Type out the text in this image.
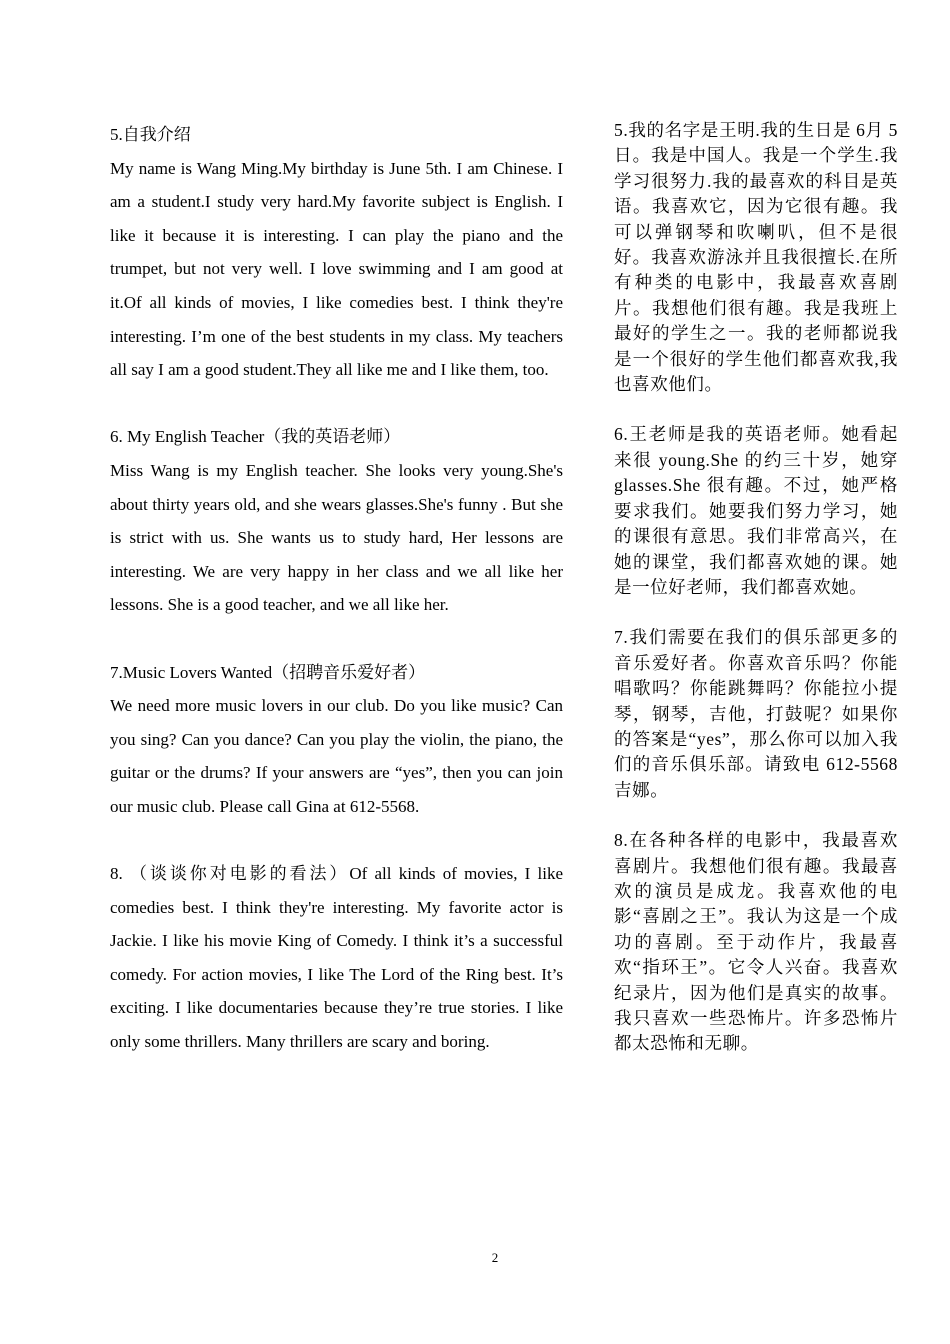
5.自我介绍

My name is Wang Ming.My birthday is June 5th. I am Chinese. I am a student.I study very hard.My favorite subject is English. I like it because it is interesting. I can play the piano and the trumpet, but not very well. I love swimming and I am good at it.Of all kinds of movies, I like comedies best. I think they're interesting. I’m one of the best students in my class. My teachers all say I am a good student.They all like me and I like them, too.

6. My English Teacher（我的英语老师）

Miss Wang is my English teacher. She looks very young.She's about thirty years old, and she wears glasses.She's funny . But she is strict with us. She wants us to study hard, Her lessons are interesting. We are very happy in her class and we all like her lessons. She is a good teacher, and we all like her.

7.Music Lovers Wanted（招聘音乐爱好者）

We need more music lovers in our club. Do you like music? Can you sing? Can you dance? Can you play the violin, the piano, the guitar or the drums? If your answers are “yes”, then you can join our music club. Please call Gina at 612-5568.

8. （谈谈你对电影的看法）Of all kinds of movies, I like comedies best. I think they're interesting. My favorite actor is Jackie. I like his movie King of Comedy. I think it’s a successful comedy. For action movies, I like The Lord of the Ring best. It’s exciting. I like documentaries because they’re true stories. I like only some thrillers. Many thrillers are scary and boring.

5.我的名字是王明.我的生日是 6月 5 日。我是中国人。我是一个学生.我学习很努力.我的最喜欢的科目是英语。我喜欢它，因为它很有趣。我可以弹钢琴和吹喇叭，但不是很好。我喜欢游泳并且我很擅长.在所有种类的电影中，我最喜欢喜剧片。我想他们很有趣。我是我班上最好的学生之一。我的老师都说我是一个很好的学生他们都喜欢我,我也喜欢他们。

6.王老师是我的英语老师。她看起来很 young.She 的约三十岁，她穿 glasses.She 很有趣。不过，她严格要求我们。她要我们努力学习，她的课很有意思。我们非常高兴，在她的课堂，我们都喜欢她的课。她是一位好老师，我们都喜欢她。

7.我们需要在我们的俱乐部更多的音乐爱好者。你喜欢音乐吗？你能唱歌吗？你能跳舞吗？你能拉小提琴，钢琴，吉他，打鼓呢？如果你的答案是“yes”，那么你可以加入我们的音乐俱乐部。请致电 612-5568 吉娜。

8.在各种各样的电影中，我最喜欢喜剧片。我想他们很有趣。我最喜欢的演员是成龙。我喜欢他的电影“喜剧之王”。我认为这是一个成功的喜剧。至于动作片，我最喜欢“指环王”。它令人兴奋。我喜欢纪录片，因为他们是真实的故事。我只喜欢一些恐怖片。许多恐怖片都太恐怖和无聊。

2
